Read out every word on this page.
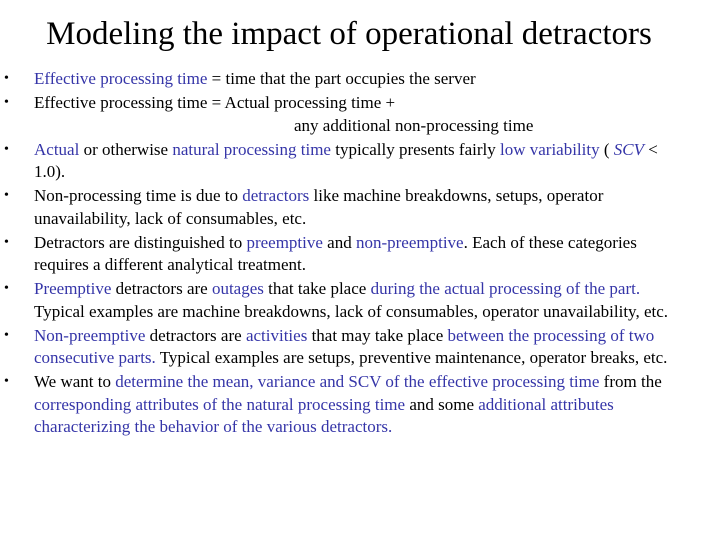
Modeling the impact of operational detractors
•	Effective processing time = time that the part occupies the server
•	Effective processing time = Actual processing time +
any additional non-processing time
•	Actual or otherwise natural processing time typically presents fairly low variability ( SCV < 1.0).
•	Non-processing time is due to detractors like machine breakdowns, setups, operator unavailability, lack of consumables, etc.
•	Detractors are distinguished to preemptive and non-preemptive. Each of these categories requires a different analytical treatment.
•	Preemptive detractors are outages that take place during the actual processing of the part. Typical examples are machine breakdowns, lack of consumables, operator unavailability, etc.
•	Non-preemptive detractors are activities that may take place between the processing of two consecutive parts. Typical examples are setups, preventive maintenance, operator breaks, etc.
•	We want to determine the mean, variance and SCV of the effective processing time from the corresponding attributes of the natural processing time and some additional attributes characterizing the behavior of the various detractors.
